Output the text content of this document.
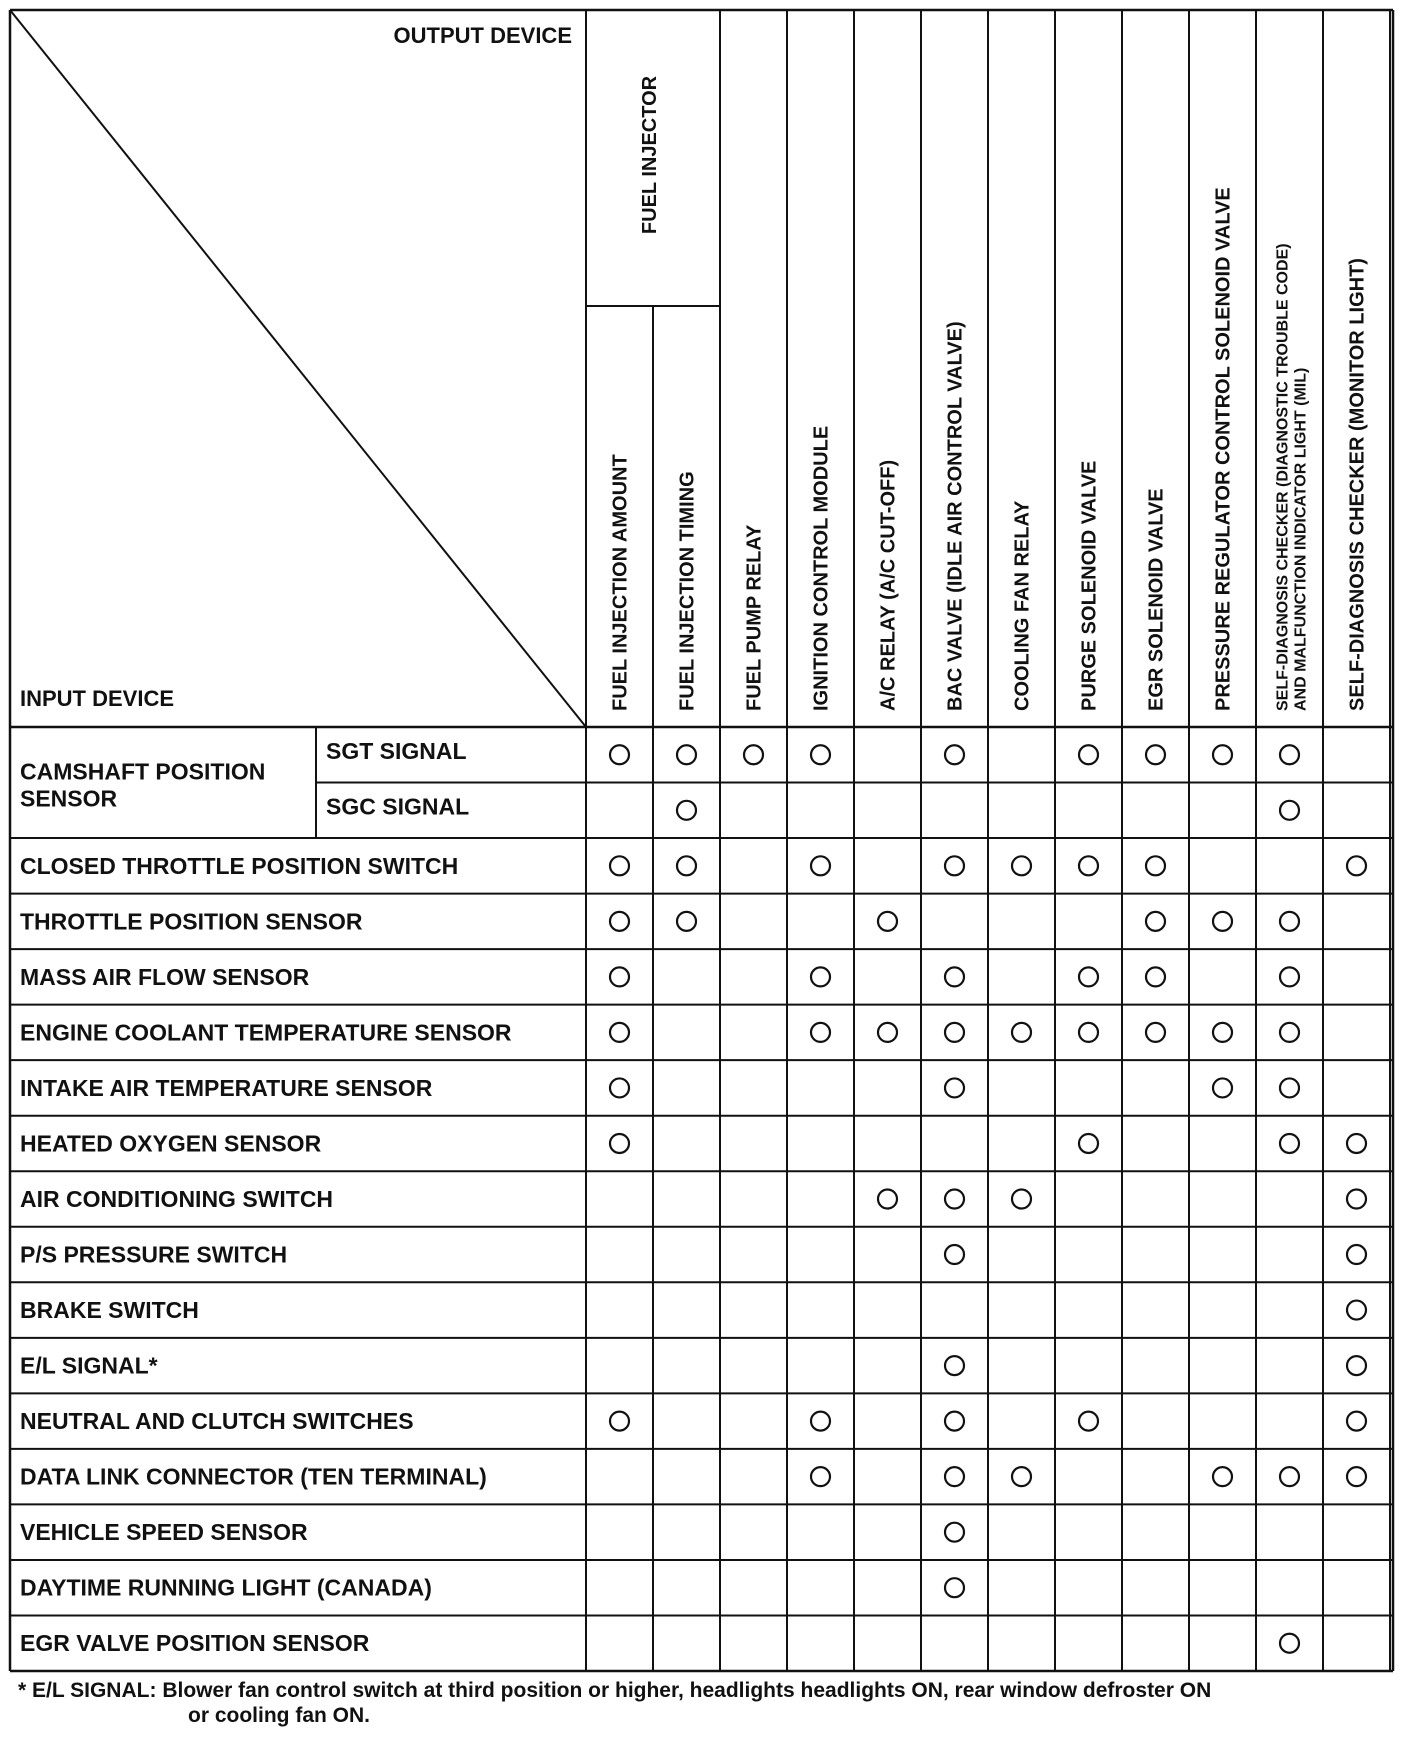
OUTPUT DEVICE
INPUT DEVICE
FUEL INJECTOR
FUEL INJECTION AMOUNT FUEL INJECTION TIMING FUEL PUMP RELAY IGNITION CONTROL MODULE A/C RELAY (A/C CUT-OFF) BAC VALVE (IDLE AIR CONTROL VALVE) COOLING FAN RELAY PURGE SOLENOID VALVE EGR SOLENOID VALVE PRESSURE REGULATOR CONTROL SOLENOID VALVE	SELF-DIAGNOSIS CHECKER (DIAGNOSTIC TROUBLE CODE) AND MALFUNCTION INDICATOR LIGHT (MIL) SELF-DIAGNOSIS CHECKER (MONITOR LIGHT)
CAMSHAFT POSITION
SENSOR
SGT SIGNAL
SGC SIGNAL
CLOSED THROTTLE POSITION SWITCH
THROTTLE POSITION SENSOR
MASS AIR FLOW SENSOR
ENGINE COOLANT TEMPERATURE SENSOR
INTAKE AIR TEMPERATURE SENSOR
HEATED OXYGEN SENSOR
AIR CONDITIONING SWITCH
P/S PRESSURE SWITCH
BRAKE SWITCH
E/L SIGNAL*
NEUTRAL AND CLUTCH SWITCHES
DATA LINK CONNECTOR (TEN TERMINAL)
VEHICLE SPEED SENSOR
DAYTIME RUNNING LIGHT (CANADA)
EGR VALVE POSITION SENSOR
* E/L SIGNAL: Blower fan control switch at third position or higher, headlights headlights ON, rear window defroster ON
or cooling fan ON.
